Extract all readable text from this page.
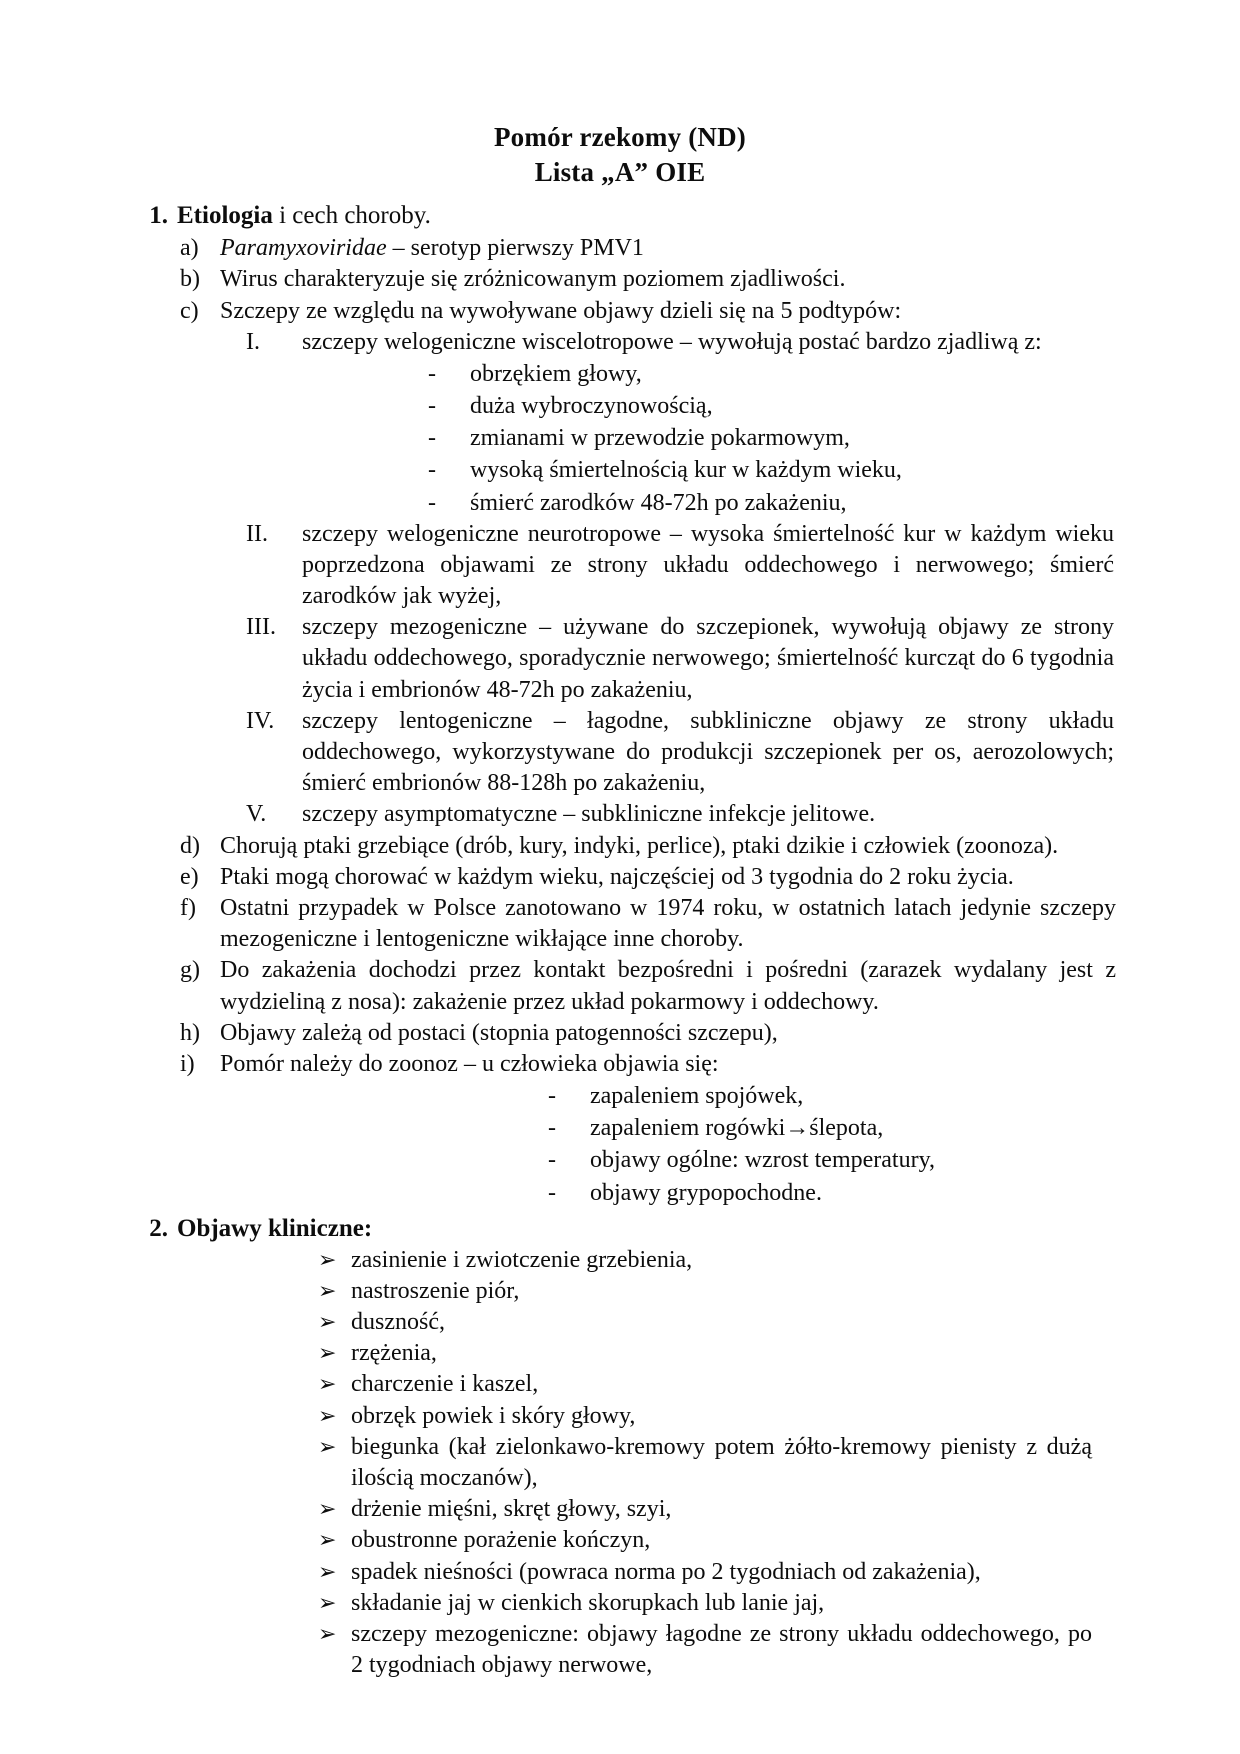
Pomór rzekomy (ND)
Lista „A” OIE
1. Etiologia i cech choroby.
a) Paramyxoviridae – serotyp pierwszy PMV1
b) Wirus charakteryzuje się zróżnicowanym poziomem zjadliwości.
c) Szczepy ze względu na wywoływane objawy dzieli się na 5 podtypów:
I.	szczepy welogeniczne wiscelotropowe – wywołują postać bardzo zjadliwą z:
-	obrzękiem głowy,
-	duża wybroczynowością,
-	zmianami w przewodzie pokarmowym,
-	wysoką śmiertelnością kur w każdym wieku,
-	śmierć zarodków 48-72h po zakażeniu,
II.	szczepy welogeniczne neurotropowe – wysoka śmiertelność kur w każdym wieku poprzedzona objawami ze strony układu oddechowego i nerwowego; śmierć zarodków jak wyżej,
III.	szczepy mezogeniczne – używane do szczepionek, wywołują objawy ze strony układu oddechowego, sporadycznie nerwowego; śmiertelność kurcząt do 6 tygodnia życia i embrionów 48-72h po zakażeniu,
IV.	szczepy lentogeniczne – łagodne, subkliniczne objawy ze strony układu oddechowego, wykorzystywane do produkcji szczepionek per os, aerozolowych; śmierć embrionów 88-128h po zakażeniu,
V.	szczepy asymptomatyczne – subkliniczne infekcje jelitowe.
d) Chorują ptaki grzebiące (drób, kury, indyki, perlice), ptaki dzikie i człowiek (zoonoza).
e) Ptaki mogą chorować w każdym wieku, najczęściej od 3 tygodnia do 2 roku życia.
f)	Ostatni przypadek w Polsce zanotowano w 1974 roku, w ostatnich latach jedynie szczepy mezogeniczne i lentogeniczne wikłające inne choroby.
g) Do zakażenia dochodzi przez kontakt bezpośredni i pośredni (zarazek wydalany jest z wydzieliną z nosa): zakażenie przez układ pokarmowy i oddechowy.
h) Objawy zależą od postaci (stopnia patogenności szczepu),
i)	Pomór należy do zoonoz – u człowieka objawia się:
-	zapaleniem spojówek,
-	zapaleniem rogówki→ślepota,
-	objawy ogólne: wzrost temperatury,
-	objawy grypopochodne.
2. Objawy kliniczne:
➢ zasinienie i zwiotczenie grzebienia,
➢ nastroszenie piór,
➢ duszność,
➢ rzężenia,
➢ charczenie i kaszel,
➢ obrzęk powiek i skóry głowy,
➢ biegunka (kał zielonkawo-kremowy potem żółto-kremowy pienisty z dużą ilością moczanów),
➢ drżenie mięśni, skręt głowy, szyi,
➢ obustronne porażenie kończyn,
➢ spadek nieśności (powraca norma po 2 tygodniach od zakażenia),
➢ składanie jaj w cienkich skorupkach lub lanie jaj,
➢ szczepy mezogeniczne: objawy łagodne ze strony układu oddechowego, po 2 tygodniach objawy nerwowe,
